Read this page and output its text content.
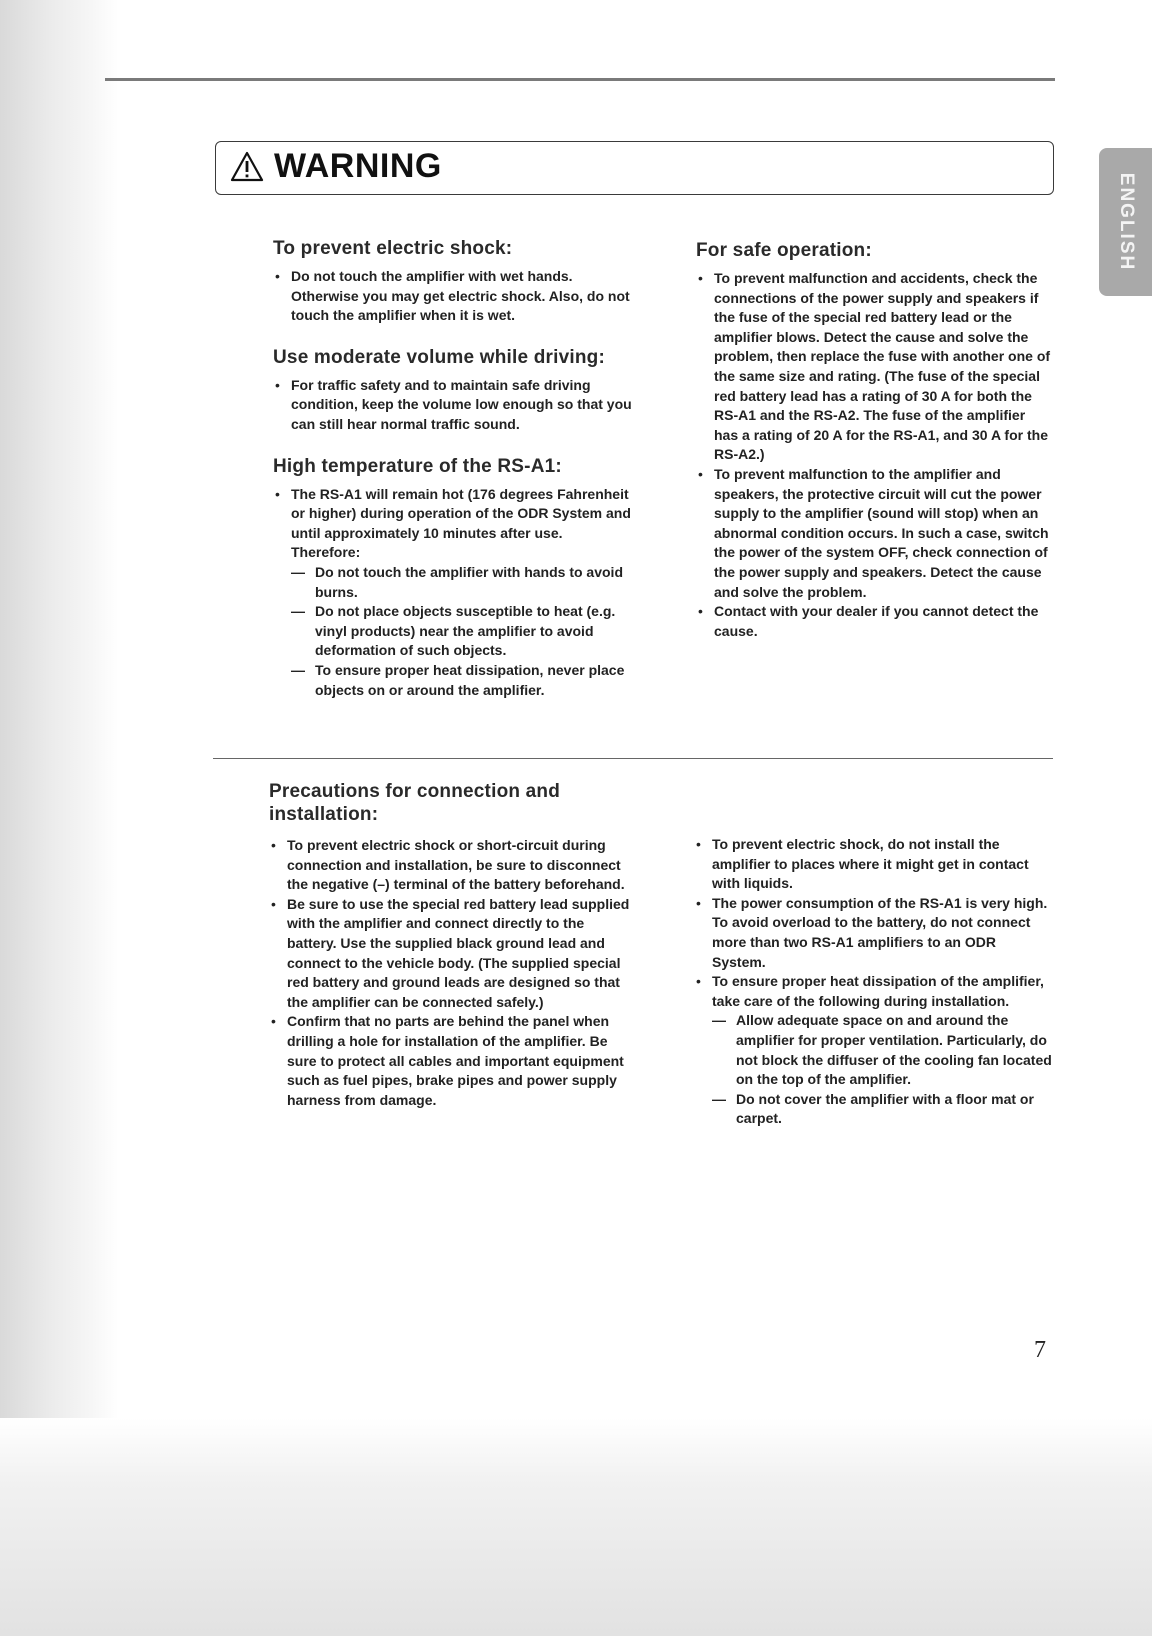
WARNING
ENGLISH
To prevent electric shock:
• Do not touch the amplifier with wet hands. Otherwise you may get electric shock. Also, do not touch the amplifier when it is wet.
Use moderate volume while driving:
• For traffic safety and to maintain safe driving condition, keep the volume low enough so that you can still hear normal traffic sound.
High temperature of the RS-A1:
• The RS-A1 will remain hot (176 degrees Fahrenheit or higher) during operation of the ODR System and until approximately 10 minutes after use.
Therefore:
— Do not touch the amplifier with hands to avoid burns.
— Do not place objects susceptible to heat (e.g. vinyl products) near the amplifier to avoid deformation of such objects.
— To ensure proper heat dissipation, never place objects on or around the amplifier.
For safe operation:
• To prevent malfunction and accidents, check the connections of the power supply and speakers if the fuse of the special red battery lead or the amplifier blows. Detect the cause and solve the problem, then replace the fuse with another one of the same size and rating. (The fuse of the special red battery lead has a rating of 30 A for both the RS-A1 and the RS-A2. The fuse of the amplifier has a rating of 20 A for the RS-A1, and 30 A for the RS-A2.)
• To prevent malfunction to the amplifier and speakers, the protective circuit will cut the power supply to the amplifier (sound will stop) when an abnormal condition occurs. In such a case, switch the power of the system OFF, check connection of the power supply and speakers. Detect the cause and solve the problem.
• Contact with your dealer if you cannot detect the cause.
Precautions for connection and installation:
• To prevent electric shock or short-circuit during connection and installation, be sure to disconnect the negative (–) terminal of the battery beforehand.
• Be sure to use the special red battery lead supplied with the amplifier and connect directly to the battery. Use the supplied black ground lead and connect to the vehicle body. (The supplied special red battery and ground leads are designed so that the amplifier can be connected safely.)
• Confirm that no parts are behind the panel when drilling a hole for installation of the amplifier. Be sure to protect all cables and important equipment such as fuel pipes, brake pipes and power supply harness from damage.
• To prevent electric shock, do not install the amplifier to places where it might get in contact with liquids.
• The power consumption of the RS-A1 is very high. To avoid overload to the battery, do not connect more than two RS-A1 amplifiers to an ODR System.
• To ensure proper heat dissipation of the amplifier, take care of the following during installation.
— Allow adequate space on and around the amplifier for proper ventilation. Particularly, do not block the diffuser of the cooling fan located on the top of the amplifier.
— Do not cover the amplifier with a floor mat or carpet.
7
